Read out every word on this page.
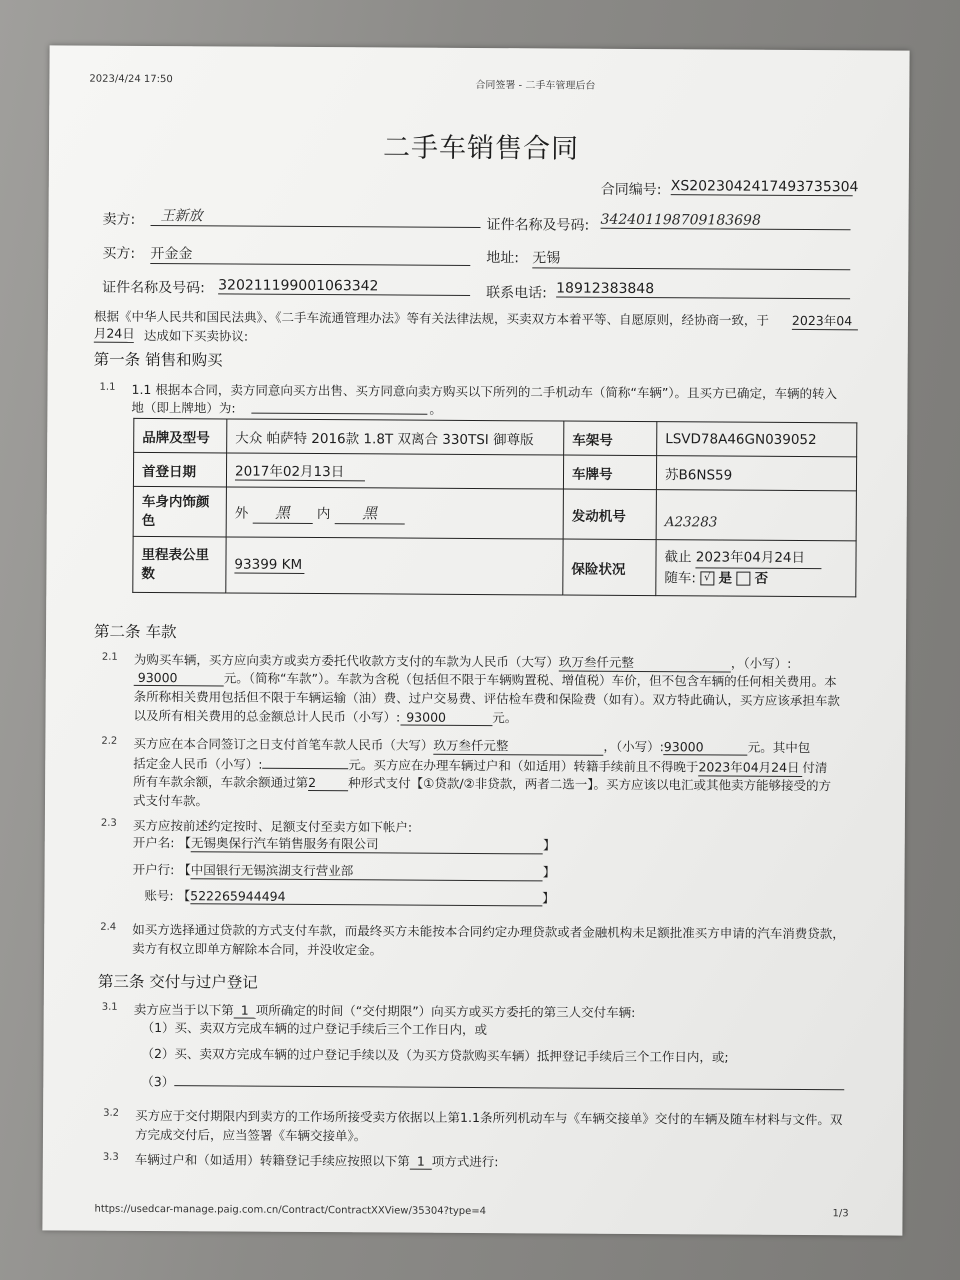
2023/4/24 17:50
合同签署 - 二手车管理后台
二手车销售合同
合同编号: XS2023042417493735304
卖方:	王新放
证件名称及号码: 342401198709183698
买方: 开金金	地址: 无锡
证件名称及号码: 320211199001063342	联系电话: 18912383848
根据《中华人民共和国民法典》、《二手车流通管理办法》等有关法律法规，买卖双方本着平等、自愿原则，经协商一致，于 2023年04
月24日 达成如下买卖协议:
第一条 销售和购买
1.1 1.1 根据本合同，卖方同意向买方出售、买方同意向卖方购买以下所列的二手机动车（简称“车辆”）。且买方已确定，车辆的转入
地（即上牌地）为:	。
品牌及型号	大众 帕萨特 2016款 1.8T 双离合 330TSI 御尊版	车架号	LSVD78A46GN039052
首登日期	2017年02月13日	车牌号	苏B6NS59
车身内饰颜色	外 黑 内 黑	发动机号	A23283
里程表公里数	93399 KM	保险状况	截止 2023年04月24日
随车: √ 是 否
第二条 车款
2.1 为购买车辆，买方应向卖方或卖方委托代收款方支付的车款为人民币（大写）玖万叁仟元整	，（小写）:
93000	元。（简称“车款”）。车款为含税（包括但不限于车辆购置税、增值税）车价，但不包含车辆的任何相关费用。本
条所称相关费用包括但不限于车辆运输（油）费、过户交易费、评估检车费和保险费（如有）。双方特此确认，买方应该承担车款
以及所有相关费用的总金额总计人民币（小写）: 93000	元。
2.2 买方应在本合同签订之日支付首笔车款人民币（大写）玖万叁仟元整	，（小写）:93000	元。其中包
括定金人民币（小写）:	元。买方应在办理车辆过户和（如适用）转籍手续前且不得晚于2023年04月24日 付清
所有车款余额，车款余额通过第2	种形式支付【①贷款/②非贷款，两者二选一】。买方应该以电汇或其他卖方能够接受的方
式支付车款。
2.3 买方应按前述约定按时、足额支付至卖方如下帐户:
开户名: 【无锡奥保行汽车销售服务有限公司	】
开户行: 【中国银行无锡滨湖支行营业部	】
账号: 【522265944494	】
2.4 如买方选择通过贷款的方式支付车款，而最终买方未能按本合同约定办理贷款或者金融机构未足额批准买方申请的汽车消费贷款，
卖方有权立即单方解除本合同，并没收定金。
第三条 交付与过户登记
3.1 卖方应当于以下第 1 项所确定的时间（“交付期限”）向买方或买方委托的第三人交付车辆:
（1）买、卖双方完成车辆的过户登记手续后三个工作日内，或
（2）买、卖双方完成车辆的过户登记手续以及（为买方贷款购买车辆）抵押登记手续后三个工作日内，或;
（3）
3.2 买方应于交付期限内到卖方的工作场所接受卖方依据以上第1.1条所列机动车与《车辆交接单》交付的车辆及随车材料与文件。双
方完成交付后，应当签署《车辆交接单》。
3.3 车辆过户和（如适用）转籍登记手续应按照以下第 1 项方式进行:
https://usedcar-manage.paig.com.cn/Contract/ContractXXView/35304?type=4	1/3
